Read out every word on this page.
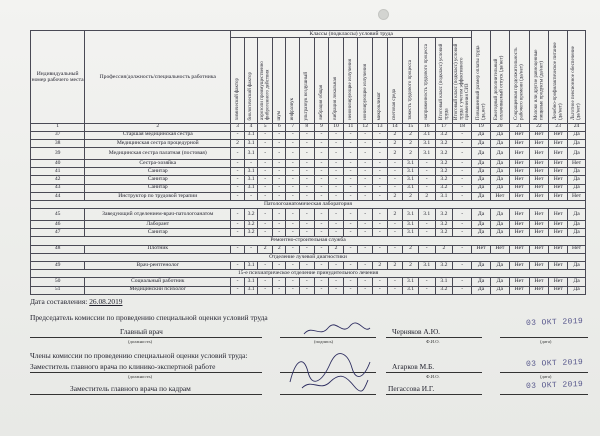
Индивидуальный номер рабочего места	Профессия/должность/специальность работника	Классы (подклассы) условий труда																Повышенный размер оплаты труда (да,нет)	Ежегодный дополнительный оплачиваемый отпуск (да/нет)	Сокращенная продолжительность рабочего времени (да/нет)	Молоко или другие равноценные пищевые продукты (да/нет)	Лечебно-профилактическое питание (да/нет)	Льготное пенсионное обеспечение (да/нет)
		химический фактор	биологический фактор	аэрозоли преимущественно фиброгенного действия	шум	инфразвук	ультразвук воздушный	вибрация общая	вибрация локальная	неионизирующие излучения	ионизирующие излучения	микроклимат	световая среда	тяжесть трудового процесса	напряженность трудового процесса	Итоговый класс (подкласс) условий труда	Итоговый класс (подкласс) условий труда с учетом эффективного применения СИЗ						
1	2	3	4	5	6	7	8	9	10	11	12	13	14	15	16	17	18	19	20	21	22	23	24
37	Старшая медицинская сестра	-	3.1	-	-	-	-	-	-	-	-	-	2	2	3.1	3.2	-	Да	Да	Нет	Нет	Нет	Да
38	Медицинская сестра процедурной	2	3.1	-	-	-	-	-	-	-	-	-	2	2	3.1	3.2	-	Да	Да	Нет	Нет	Нет	Да
39	Медицинская сестра палатная (постовая)	-	3.1	-	-	-	-	-	-	-	-	-	2	2	3.1	3.2	-	Да	Да	Нет	Нет	Нет	Да
40	Сестра-хозяйка	-	-	-	-	-	-	-	-	-	-	-	-	3.1	-	3.2	-	Да	Да	Нет	Нет	Нет	Нет
41	Санитар	-	3.1	-	-	-	-	-	-	-	-	-	-	3.1	-	3.2	-	Да	Да	Нет	Нет	Нет	Да
42	Санитар	-	3.1	-	-	-	-	-	-	-	-	-	-	3.1	-	3.2	-	Да	Да	Нет	Нет	Нет	Да
43	Санитар	-	3.1	-	-	-	-	-	-	-	-	-	-	3.1	-	3.2	-	Да	Да	Нет	Нет	Нет	Да
44	Инструктор по трудовой терапии	-	-	-	-	-	-	-	-	-	-	-	2	2	2	3.1	-	Да	Нет	Нет	Нет	Нет	Нет
Патологоанатомическая лаборатория																							
45	Заведующий отделением-врач-патологоанатом	-	3.2	-	-	-	-	-	-	-	-	-	2	3.1	3.1	3.2	-	Да	Да	Нет	Нет	Нет	Да
46	Лаборант	-	3.2	-	-	-	-	-	-	-	-	-	-	3.1	-	3.2	-	Да	Да	Нет	Нет	Нет	Да
47	Санитар	-	3.2	-	-	-	-	-	-	-	-	-	-	3.1	-	3.2	-	Да	Да	Нет	Нет	Нет	Да
Ремонтно-строительная служба																							
48	Плотник	-	-	2	2	-	-	-	2	-	-	-	-	2	-	2	-	Нет	Нет	Нет	Нет	Нет	Нет
Отделение лучевой диагностики																							
49	Врач-рентгенолог	-	3.1	-	-	-	-	-	-	-	-	2	2	2	3.1	3.2	-	Да	Да	Нет	Нет	Нет	Да
15-е психиатрическое отделение принудительного лечения																							
50	Социальный работник	-	3.1	-	-	-	-	-	-	-	-	-	-	3.1	-	3.1	-	Да	Да	Нет	Нет	Нет	Да
51	Медицинский психолог	-	3.1	-	-	-	-	-	-	-	-	-	-	3.1	-	3.2	-	Да	Да	Нет	Нет	Нет	Да
Дата составления: 26.08.2019
Председатель комиссии по проведению специальной оценки условий труда
Главный врач
(должность)	(подпись)
Черняков А.Ю.
Ф.И.О.
03 ОКТ 2019
(дата)
Члены комиссии по проведению специальной оценки условий труда:
Заместитель главного врача по клинико-экспертной работе
(должность)
Агарков М.Б.
Ф.И.О.
03 ОКТ 2019
(дата)
Заместитель главного врача по кадрам	Пегассова И.Г.	03 ОКТ 2019
